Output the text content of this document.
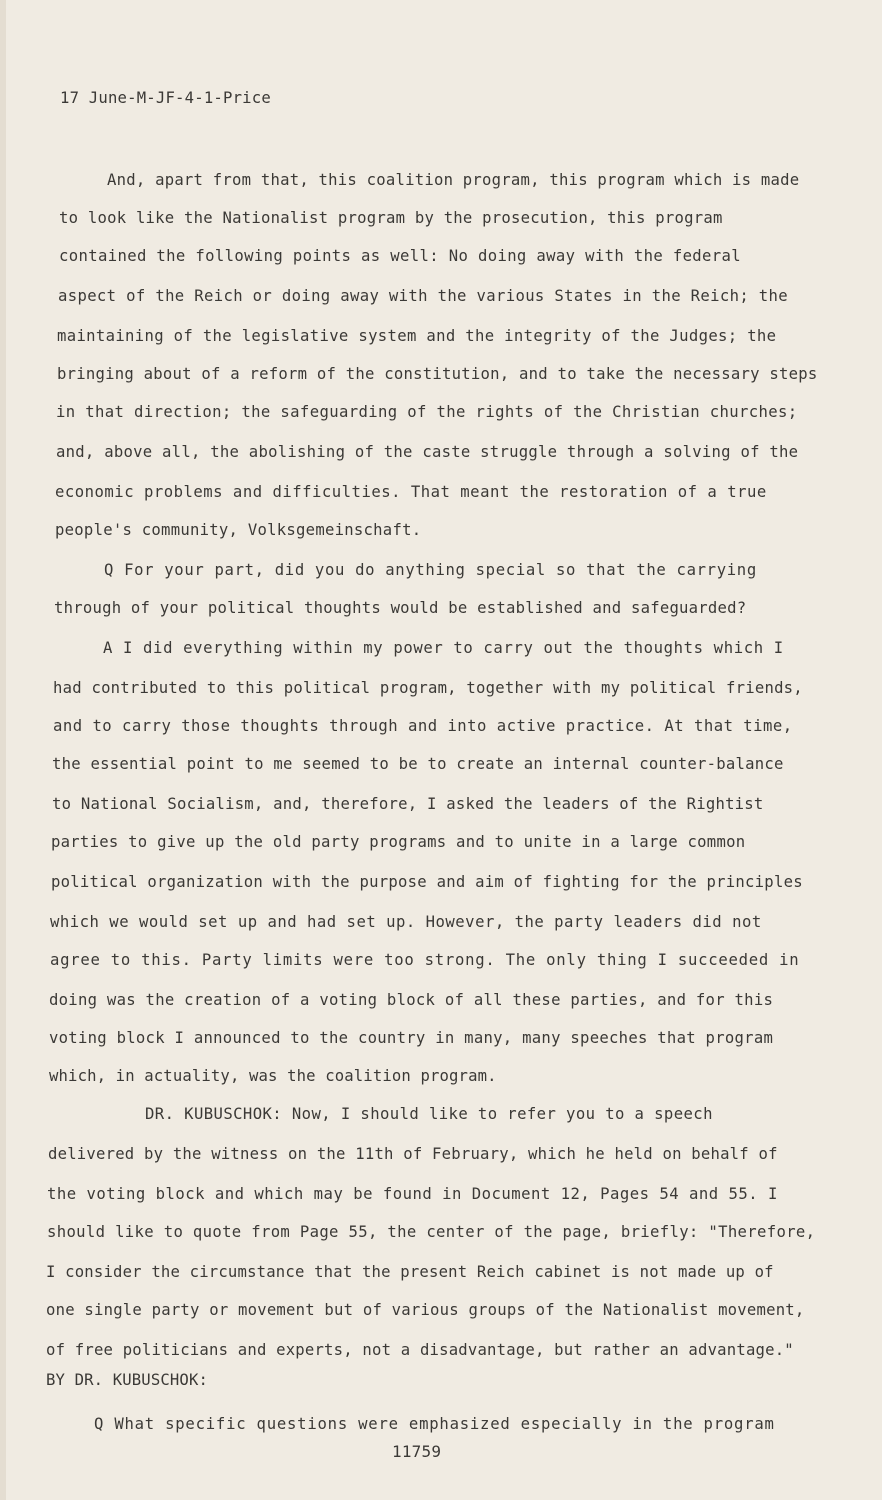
17 June-M-JF-4-1-Price
And, apart from that, this coalition program, this program which is made
to look like the Nationalist program by the prosecution, this program
contained the following points as well: No doing away with the federal
aspect of the Reich or doing away with the various States in the Reich; the
maintaining of the legislative system and the integrity of the Judges; the
bringing about of a reform of the constitution, and to take the necessary steps
in that direction; the safeguarding of the rights of the Christian churches;
and, above all, the abolishing of the caste struggle through a solving of the
economic problems and difficulties. That meant the restoration of a true
people's community, Volksgemeinschaft.
Q For your part, did you do anything special so that the carrying
through of your political thoughts would be established and safeguarded?
A I did everything within my power to carry out the thoughts which I
had contributed to this political program, together with my political friends,
and to carry those thoughts through and into active practice. At that time,
the essential point to me seemed to be to create an internal counter-balance
to National Socialism, and, therefore, I asked the leaders of the Rightist
parties to give up the old party programs and to unite in a large common
political organization with the purpose and aim of fighting for the principles
which we would set up and had set up. However, the party leaders did not
agree to this. Party limits were too strong. The only thing I succeeded in
doing was the creation of a voting block of all these parties, and for this
voting block I announced to the country in many, many speeches that program
which, in actuality, was the coalition program.
DR. KUBUSCHOK: Now, I should like to refer you to a speech
delivered by the witness on the 11th of February, which he held on behalf of
the voting block and which may be found in Document 12, Pages 54 and 55. I
should like to quote from Page 55, the center of the page, briefly: "Therefore,
I consider the circumstance that the present Reich cabinet is not made up of
one single party or movement but of various groups of the Nationalist movement,
of free politicians and experts, not a disadvantage, but rather an advantage."
BY DR. KUBUSCHOK:
Q What specific questions were emphasized especially in the program
11759
